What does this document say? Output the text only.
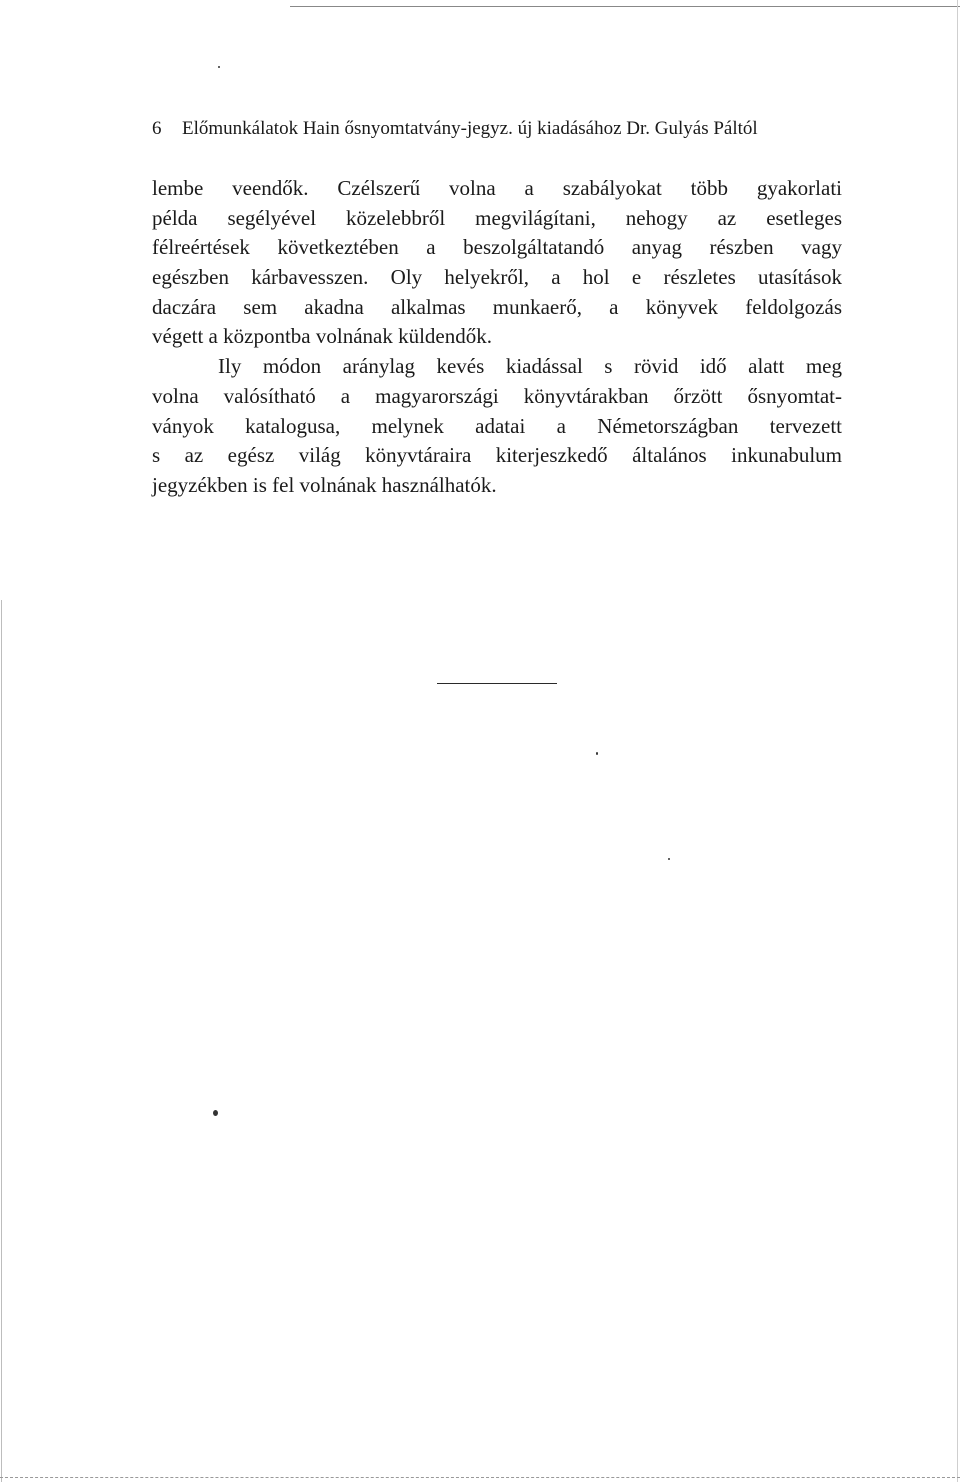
6 Előmunkálatok Hain ősnyomtatvány-jegyz. új kiadásához Dr. Gulyás Páltól
lembe veendők. Czélszerű volna a szabályokat több gyakorlati
példa segélyével közelebbről megvilágítani, nehogy az esetleges
félreértések következtében a beszolgáltatandó anyag részben vagy
egészben kárbavesszen. Oly helyekről, a hol e részletes utasítások
daczára sem akadna alkalmas munkaerő, a könyvek feldolgozás
végett a központba volnának küldendők.
Ily módon aránylag kevés kiadással s rövid idő alatt meg
volna valósítható a magyarországi könyvtárakban őrzött ősnyomtat-
ványok katalogusa, melynek adatai a Németországban tervezett
s az egész világ könyvtáraira kiterjeszkedő általános inkunabulum
jegyzékben is fel volnának használhatók.
